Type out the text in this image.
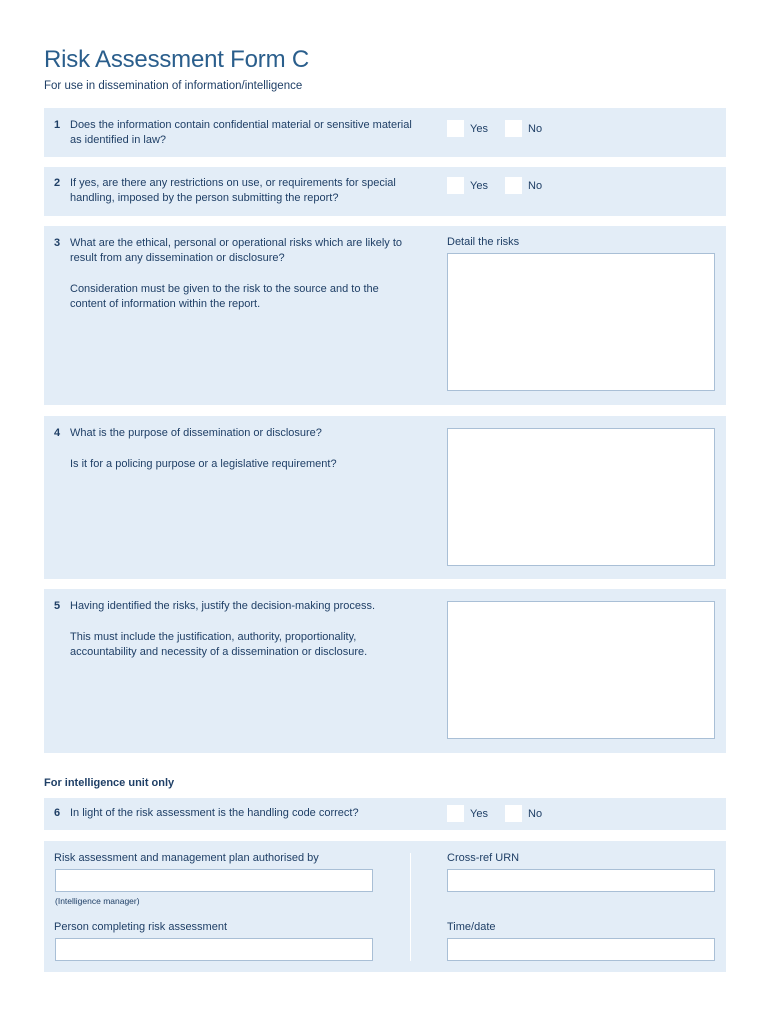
Risk Assessment Form C
For use in dissemination of information/intelligence
1 Does the information contain confidential material or sensitive material as identified in law?

Yes	No
2 If yes, are there any restrictions on use, or requirements for special handling, imposed by the person submitting the report?

Yes	No
3 What are the ethical, personal or operational risks which are likely to result from any dissemination or disclosure?

Consideration must be given to the risk to the source and to the content of information within the report.

Detail the risks
4 What is the purpose of dissemination or disclosure?

Is it for a policing purpose or a legislative requirement?

5 Having identified the risks, justify the decision-making process.

This must include the justification, authority, proportionality, accountability and necessity of a dissemination or disclosure.

For intelligence unit only
6 In light of the risk assessment is the handling code correct?	Yes	No
Risk assessment and management plan authorised by
(Intelligence manager)
Person completing risk assessment
Cross-ref URN
Time/date
